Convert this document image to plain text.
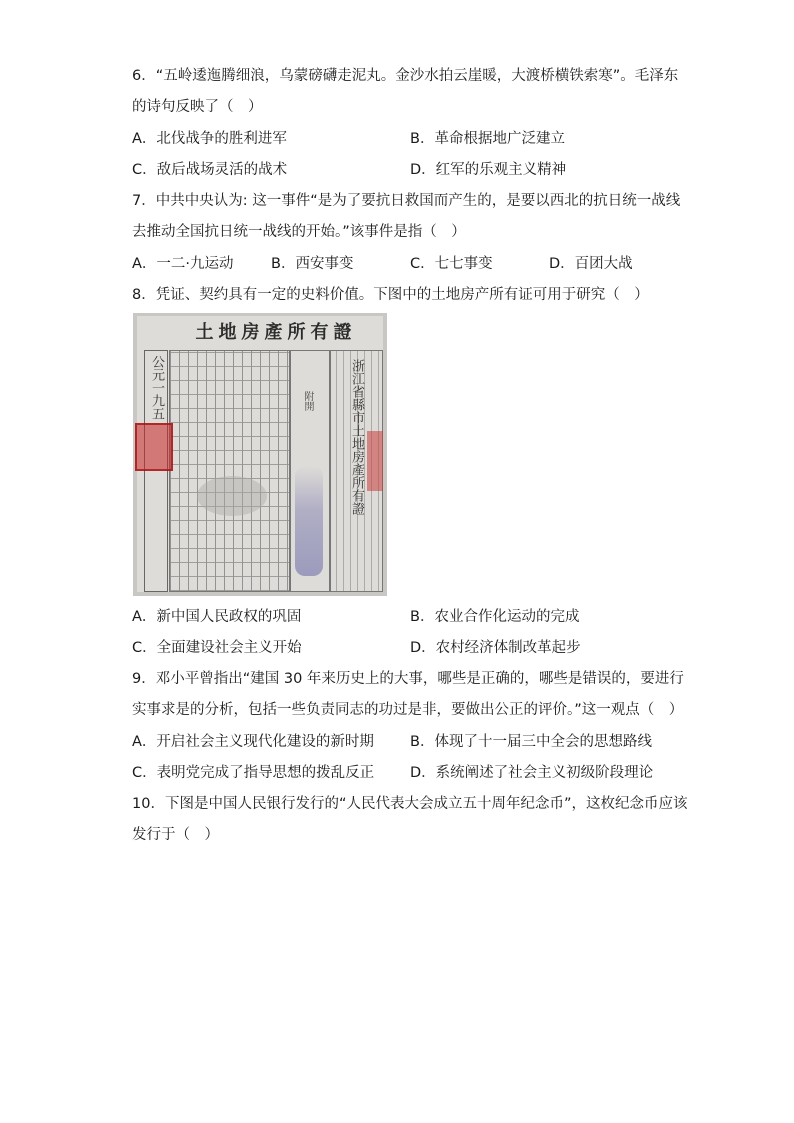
6．“五岭逶迤腾细浪，乌蒙磅礴走泥丸。金沙水拍云崖暖，大渡桥横铁索寒”。毛泽东
的诗句反映了（　）
A．北伐战争的胜利进军	B．革命根据地广泛建立
C．敌后战场灵活的战术	D．红军的乐观主义精神
7．中共中央认为: 这一事件“是为了要抗日救国而产生的，是要以西北的抗日统一战线
去推动全国抗日统一战线的开始。”该事件是指（　）
A．一二·九运动	B．西安事变	C．七七事变	D．百团大战
8．凭证、契约具有一定的史料价值。下图中的土地房产所有证可用于研究（　）
土地房產所有證
公元一九五	附開	浙江省縣市土地房產所有證
A．新中国人民政权的巩固	B．农业合作化运动的完成
C．全面建设社会主义开始	D．农村经济体制改革起步
9．邓小平曾指出“建国 30 年来历史上的大事，哪些是正确的，哪些是错误的，要进行
实事求是的分析，包括一些负责同志的功过是非，要做出公正的评价。”这一观点（　）
A．开启社会主义现代化建设的新时期 B．体现了十一届三中全会的思想路线
C．表明党完成了指导思想的拨乱反正 D．系统阐述了社会主义初级阶段理论
10．下图是中国人民银行发行的“人民代表大会成立五十周年纪念币”，这枚纪念币应该
发行于（　）
